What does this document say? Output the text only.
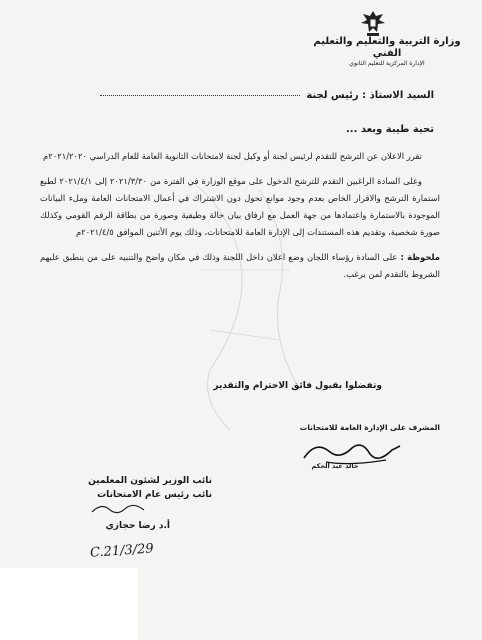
وزارة التربية والتعليم والتعليم الفني
الإدارة المركزية للتعليم الثانوي
السيد الاستاذ : رئيس لجنة
تحية طيبة وبعد ...

تقرر الاعلان عن الترشح للتقدم لرئيس لجنة أو وكيل لجنة لامتحانات الثانوية العامة للعام الدراسي ٢٠٢١/٢٠٢٠م

وعلى السادة الراغبين التقدم للترشح الدخول على موقع الوزارة في الفترة من ٢٠٢١/٣/٣٠ إلى ٢٠٢١/٤/١ لطبع استمارة الترشح والاقرار الخاص بعدم وجود موانع تحول دون الاشتراك في أعمال الامتحانات العامة وملء البيانات الموجودة بالاستمارة واعتمادها من جهة العمل مع ارفاق بيان حالة وظيفية وصورة من بطاقة الرقم القومي وكذلك صورة شخصية، وتقديم هذه المستندات إلى الإدارة العامة للامتحانات، وذلك يوم الأثنين الموافق ٢٠٢١/٤/٥م

ملحوظة : على السادة رؤساء اللجان وضع اعلان داخل اللجنة وذلك في مكان واضح والتنبيه على من ينطبق عليهم الشروط بالتقدم لمن يرغب.

وتفضلوا بقبول فائق الاحترام والتقدير
المشرف على الإدارة العامة للامتحانات
خالد عبد الحكم
نائب الوزير لشئون المعلمين
نائب رئيس عام الامتحانات
أ.د رضا حجازي
C.21/3/29
